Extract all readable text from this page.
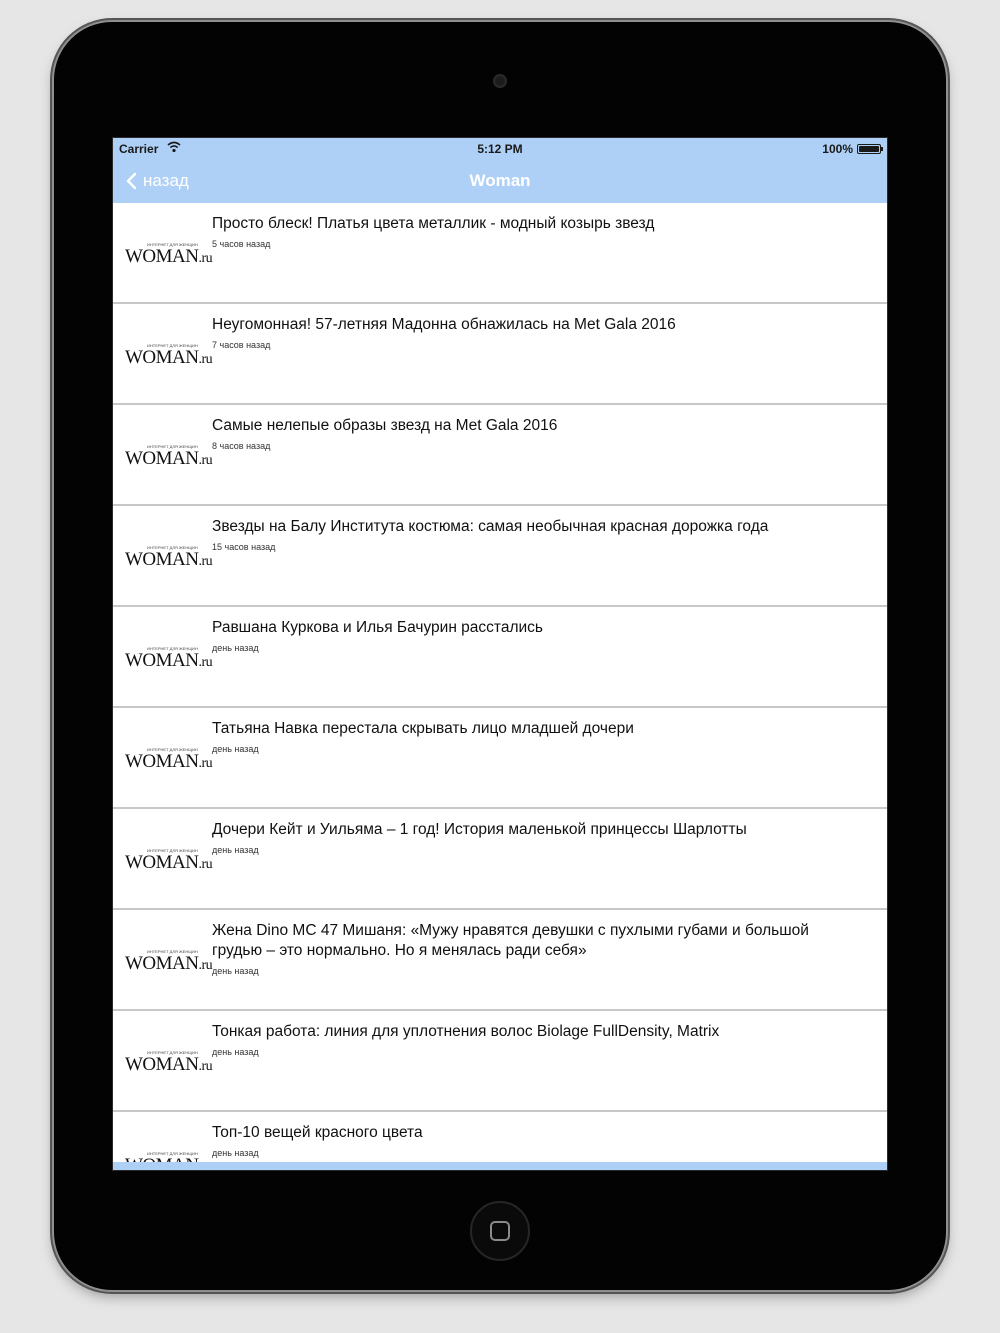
Carrier	5:12 PM	100%
назад	Woman
ИНТЕРНЕТ ДЛЯ ЖЕНЩИН
WOMAN.ru
Просто блеск! Платья цвета металлик - модный козырь звезд
5 часов назад
ИНТЕРНЕТ ДЛЯ ЖЕНЩИН
WOMAN.ru
Неугомонная! 57-летняя Мадонна обнажилась на Met Gala 2016
7 часов назад
ИНТЕРНЕТ ДЛЯ ЖЕНЩИН
WOMAN.ru
Самые нелепые образы звезд на Met Gala 2016
8 часов назад
ИНТЕРНЕТ ДЛЯ ЖЕНЩИН
WOMAN.ru
Звезды на Балу Института костюма: самая необычная красная дорожка года
15 часов назад
ИНТЕРНЕТ ДЛЯ ЖЕНЩИН
WOMAN.ru
Равшана Куркова и Илья Бачурин расстались
день назад
ИНТЕРНЕТ ДЛЯ ЖЕНЩИН
WOMAN.ru
Татьяна Навка перестала скрывать лицо младшей дочери
день назад
ИНТЕРНЕТ ДЛЯ ЖЕНЩИН
WOMAN.ru
Дочери Кейт и Уильяма – 1 год! История маленькой принцессы Шарлотты
день назад
ИНТЕРНЕТ ДЛЯ ЖЕНЩИН
WOMAN.ru
Жена Dino MC 47 Мишаня: «Мужу нравятся девушки с пухлыми губами и большой грудью – это нормально. Но я менялась ради себя»
день назад
ИНТЕРНЕТ ДЛЯ ЖЕНЩИН
WOMAN.ru
Тонкая работа: линия для уплотнения волос Biolage FullDensity, Matrix
день назад
ИНТЕРНЕТ ДЛЯ ЖЕНЩИН
Топ-10 вещей красного цвета
день назад
